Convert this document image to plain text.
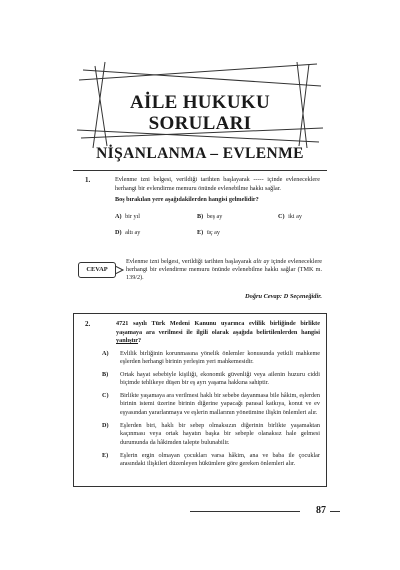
AİLE HUKUKU
SORULARI
NİŞANLANMA – EVLENME
1.	Evlenme izni belgesi, verildiği tarihten başlayarak ----- içinde evleneceklere herhangi bir evlendirme memuru önünde evlenebilme hakkı sağlar.
Boş bırakılan yere aşağıdakilerden hangisi gelmelidir?
A) bir yıl	B) beş ay	C) iki ay
D) altı ay	E) üç ay
CEVAP
Evlenme izni belgesi, verildiği tarihten başlayarak altı ay içinde evleneceklere herhangi bir evlendirme memuru önünde evlenebilme hakkı sağlar (TMK m. 139/2).
Doğru Cevap: D Seçeneğidir.
2.	4721 sayılı Türk Medeni Kanunu uyarınca evlilik birliğinde birlikte yaşamaya ara verilmesi ile ilgili olarak aşağıda belirtilenlerden hangisi yanlıştır?
A) Evlilik birliğinin korunmasına yönelik önlemler konusunda yetkili mahkeme eşlerden herhangi birinin yerleşim yeri mahkemesidir.
B) Ortak hayat sebebiyle kişiliği, ekonomik güvenliği veya ailenin huzuru ciddi biçimde tehlikeye düşen bir eş ayrı yaşama hakkına sahiptir.
C) Birlikte yaşamaya ara verilmesi haklı bir sebebe dayanmasa bile hâkim, eşlerden birinin istemi üzerine birinin diğerine yapacağı parasal katkıya, konut ve ev eşyasından yararlanmaya ve eşlerin mallarının yönetimine ilişkin önlemleri alır.
D) Eşlerden biri, haklı bir sebep olmaksızın diğerinin birlikte yaşamaktan kaçınması veya ortak hayatın başka bir sebeple olanaksız hale gelmesi durumunda da hâkimden talepte bulunabilir.
E) Eşlerin ergin olmayan çocukları varsa hâkim, ana ve baba ile çocuklar arasındaki ilişkileri düzenleyen hükümlere göre gereken önlemleri alır.
87
